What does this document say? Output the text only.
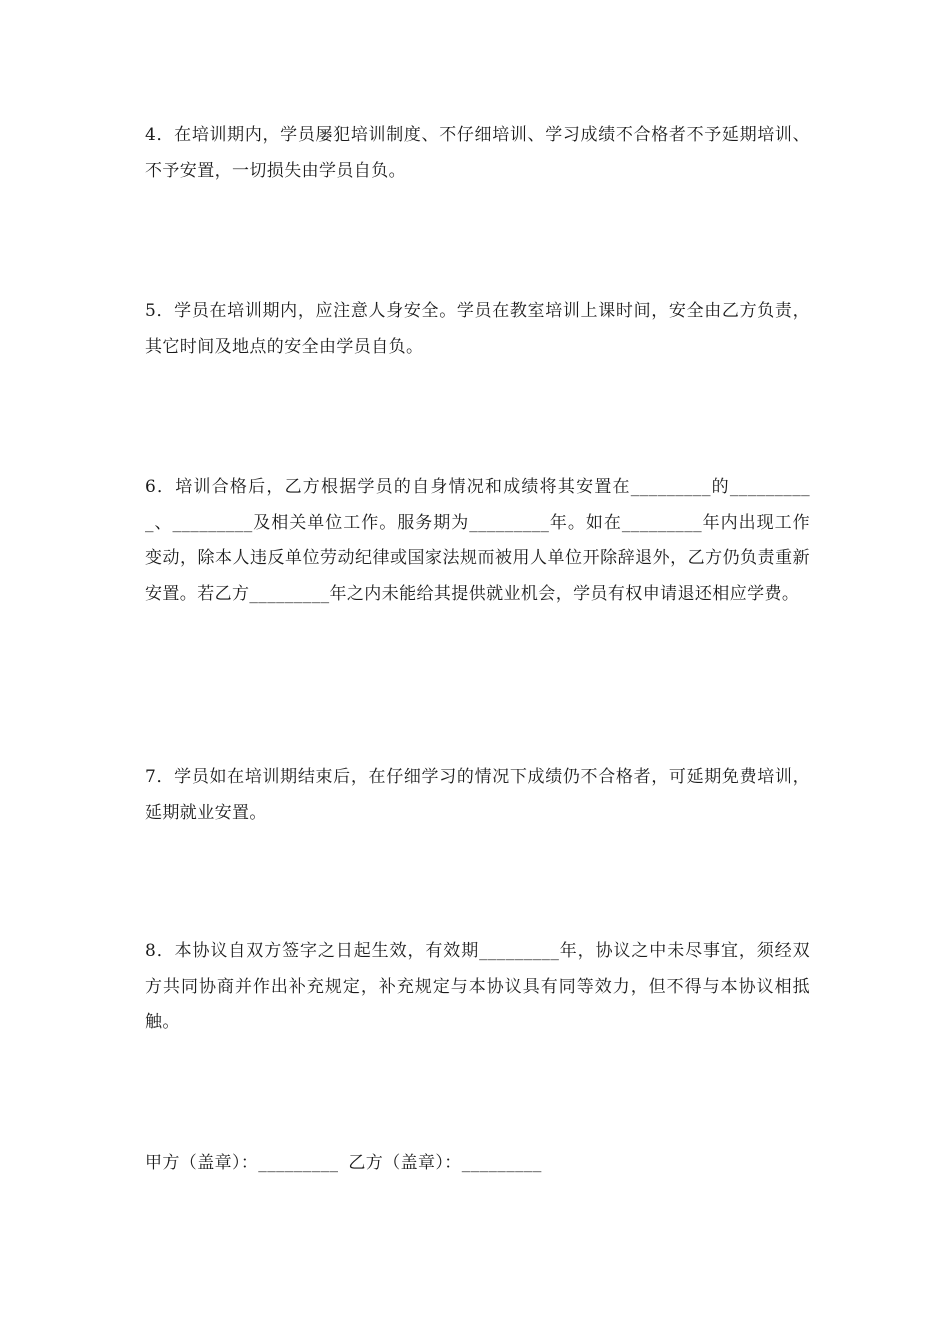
4．在培训期内，学员屡犯培训制度、不仔细培训、学习成绩不合格者不予延期培训、不予安置，一切损失由学员自负。

5．学员在培训期内，应注意人身安全。学员在教室培训上课时间，安全由乙方负责，其它时间及地点的安全由学员自负。

6．培训合格后，乙方根据学员的自身情况和成绩将其安置在_________的__________、_________及相关单位工作。服务期为_________年。如在_________年内出现工作变动，除本人违反单位劳动纪律或国家法规而被用人单位开除辞退外，乙方仍负责重新安置。若乙方_________年之内未能给其提供就业机会，学员有权申请退还相应学费。

7．学员如在培训期结束后，在仔细学习的情况下成绩仍不合格者，可延期免费培训，延期就业安置。

8．本协议自双方签字之日起生效，有效期_________年，协议之中未尽事宜，须经双方共同协商并作出补充规定，补充规定与本协议具有同等效力，但不得与本协议相抵触。

甲方（盖章）：_________ 乙方（盖章）：_________
